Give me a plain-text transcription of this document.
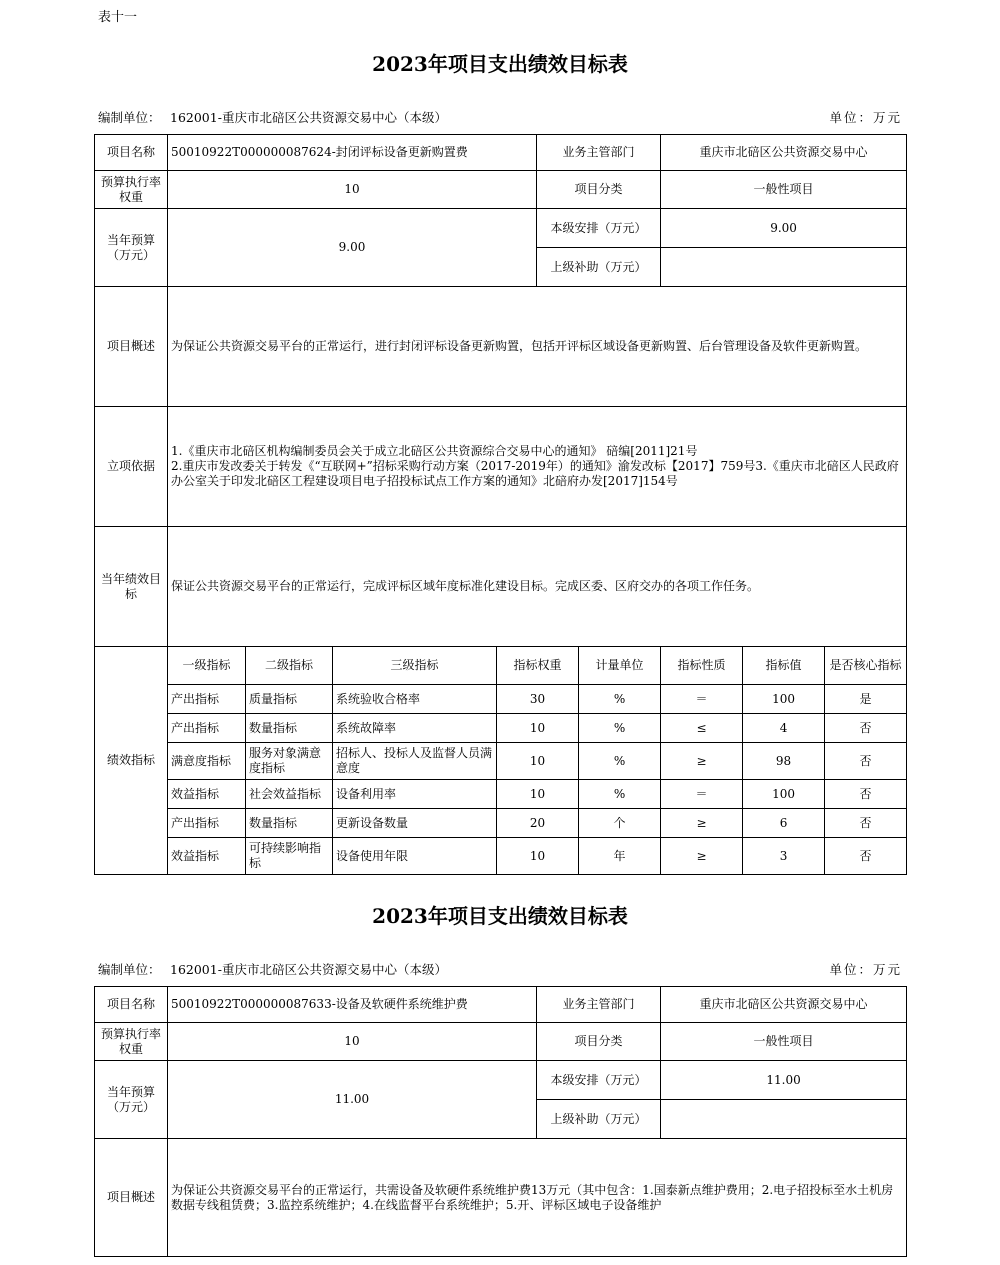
表十一
2023年项目支出绩效目标表
编制单位： 162001-重庆市北碚区公共资源交易中心（本级）	单位：万元
项目名称	50010922T000000087624-封闭评标设备更新购置费				业务主管部门		重庆市北碚区公共资源交易中心		
预算执行率权重	10				项目分类		一般性项目		
当年预算（万元）	9.00				本级安排（万元）		9.00		
					上级补助（万元）				
项目概述	为保证公共资源交易平台的正常运行，进行封闭评标设备更新购置，包括开评标区域设备更新购置、后台管理设备及软件更新购置。								
立项依据	1.《重庆市北碚区机构编制委员会关于成立北碚区公共资源综合交易中心的通知》 碚编[2011]21号
2.重庆市发改委关于转发《“互联网+”招标采购行动方案（2017-2019年）的通知》渝发改标【2017】759号3.《重庆市北碚区人民政府办公室关于印发北碚区工程建设项目电子招投标试点工作方案的通知》北碚府办发[2017]154号								

当年绩效目标	保证公共资源交易平台的正常运行，完成评标区域年度标准化建设目标。完成区委、区府交办的各项工作任务。								
绩效指标	一级指标	二级指标	三级指标	指标权重		计量单位	指标性质	指标值	是否核心指标
	产出指标	质量指标	系统验收合格率	30		%	＝	100	是
	产出指标	数量指标	系统故障率	10		%	≤	4	否
	满意度指标	服务对象满意度指标	招标人、投标人及监督人员满意度	10		%	≥	98	否
	效益指标	社会效益指标	设备利用率	10		%	＝	100	否
	产出指标	数量指标	更新设备数量	20		个	≥	6	否
	效益指标	可持续影响指标	设备使用年限	10		年	≥	3	否
2023年项目支出绩效目标表
编制单位： 162001-重庆市北碚区公共资源交易中心（本级）	单位：万元
项目名称	50010922T000000087633-设备及软硬件系统维护费	业务主管部门	重庆市北碚区公共资源交易中心
预算执行率权重	10	项目分类	一般性项目
当年预算（万元）	11.00	本级安排（万元）	11.00
		上级补助（万元）	
项目概述	为保证公共资源交易平台的正常运行，共需设备及软硬件系统维护费13万元（其中包含：1.国泰新点维护费用；2.电子招投标至水土机房数据专线租赁费；3.监控系统维护；4.在线监督平台系统维护；5.开、评标区域电子设备维护		
